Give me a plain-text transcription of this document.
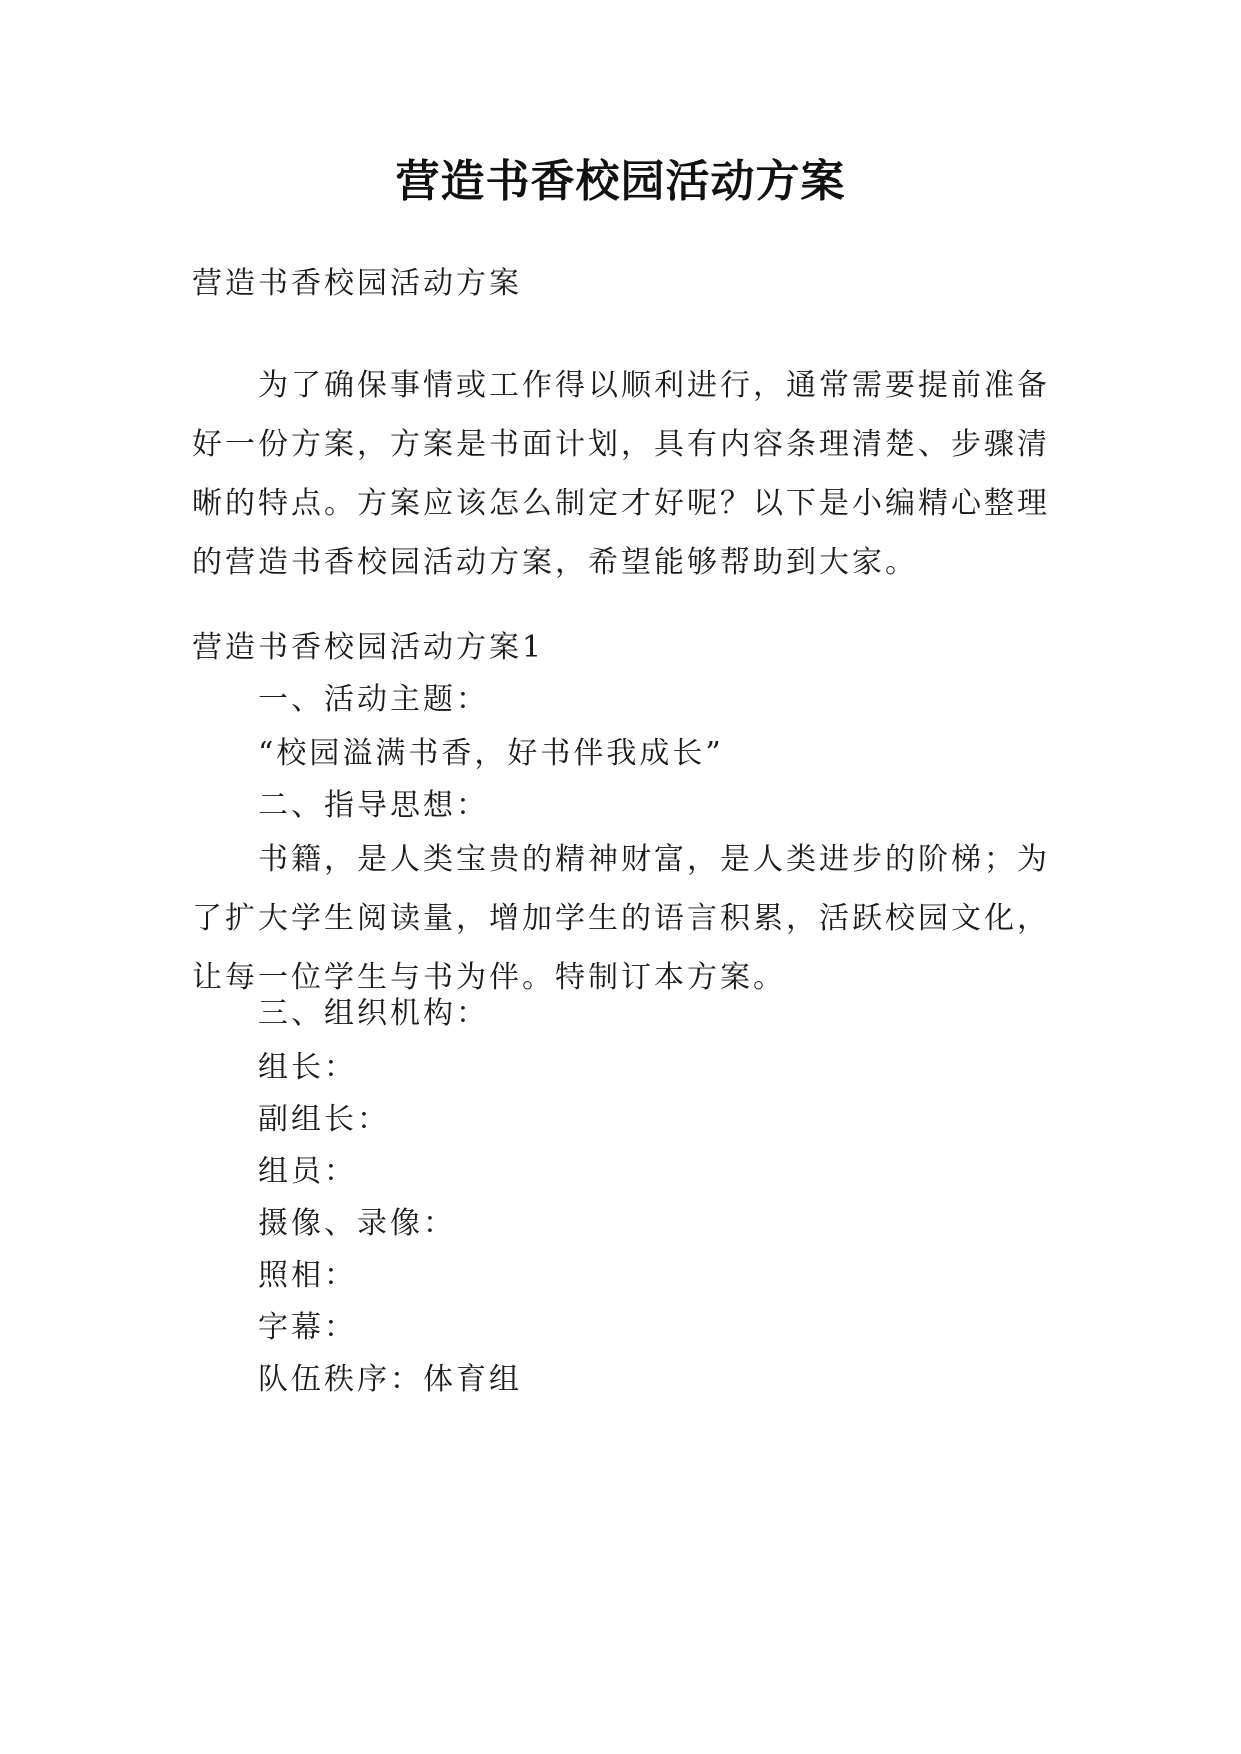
营造书香校园活动方案
营造书香校园活动方案
为了确保事情或工作得以顺利进行，通常需要提前准备
好一份方案，方案是书面计划，具有内容条理清楚、步骤清
晰的特点。方案应该怎么制定才好呢？以下是小编精心整理
的营造书香校园活动方案，希望能够帮助到大家。
营造书香校园活动方案1
一、活动主题：
“校园溢满书香，好书伴我成长”
二、指导思想：
书籍，是人类宝贵的精神财富，是人类进步的阶梯；为
了扩大学生阅读量，增加学生的语言积累，活跃校园文化，
让每一位学生与书为伴。特制订本方案。
三、组织机构：
组长：
副组长：
组员：
摄像、录像：
照相：
字幕：
队伍秩序：体育组
